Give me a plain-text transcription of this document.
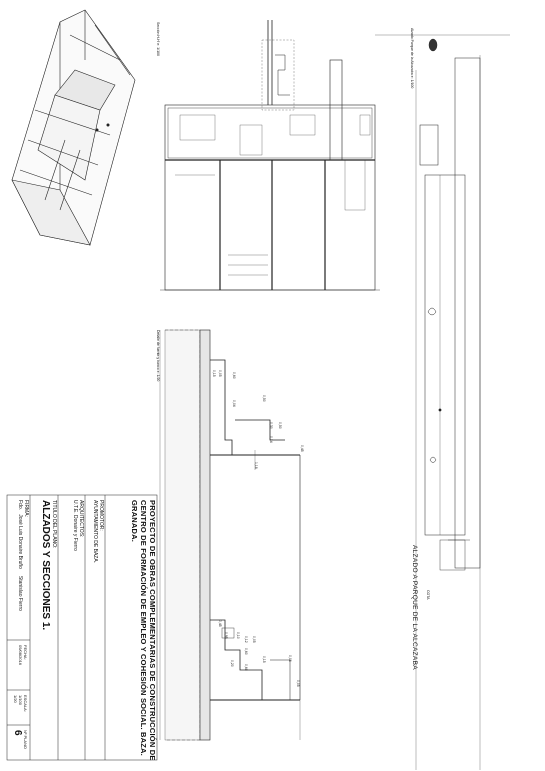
PROYECTO DE OBRAS COMPLEMENTARIAS DE CONSTRUCCIÓN DE
CENTRO DE FORMACIÓN DE EMPLEO Y COHESIÓN SOCIAL. BAZA.
GRANADA.
PROMOTOR:
AYUNTAMIENTO DE BAZA.
ARQUITECTOS:
U.T.E. Donaire y Fierro
TITULO DEL PLANO:
ALZADOS Y SECCIONES 1.
FIRMA:
Fdo.   José Luis Donaire Bruño     Stanislao Fierro
FECHA:
09/08/2016
ESCALA:
1/100
1/20
Nº PLANO
6
Sección H-H' e: 1/100	Alzado Parque de la Alcazaba e: 1/100
Detalle de fuente y banco e: 1/20
ALZADO A PARQUE DE LA ALCAZABA COTA
0,15 0,05	0,60
0,04
0,50
0,30 0,50
0,14
0,45
1,18
0,45
0,95 0,10
0,12 0,05
0,60
0,20
0,15	0,06
0,05
0,60
